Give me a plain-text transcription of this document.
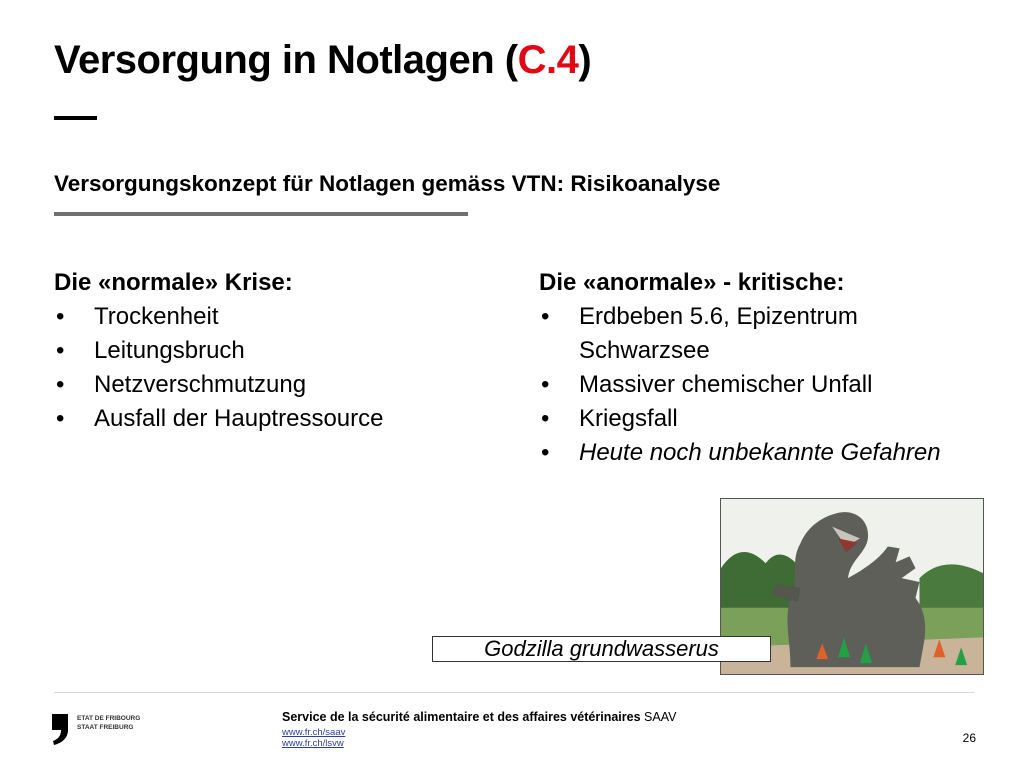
Versorgung in Notlagen (C.4)
Versorgungskonzept für Notlagen gemäss VTN: Risikoanalyse
Die «normale» Krise:
• Trockenheit
• Leitungsbruch
• Netzverschmutzung
• Ausfall der Hauptressource
Die «anormale» - kritische:
• Erdbeben 5.6, Epizentrum Schwarzsee
• Massiver chemischer Unfall
• Kriegsfall
• Heute noch unbekannte Gefahren
Godzilla grundwasserus
ETAT DE FRIBOURG
STAAT FREIBURG
Service de la sécurité alimentaire et des affaires vétérinaires SAAV
www.fr.ch/saav
www.fr.ch/lsvw	26
